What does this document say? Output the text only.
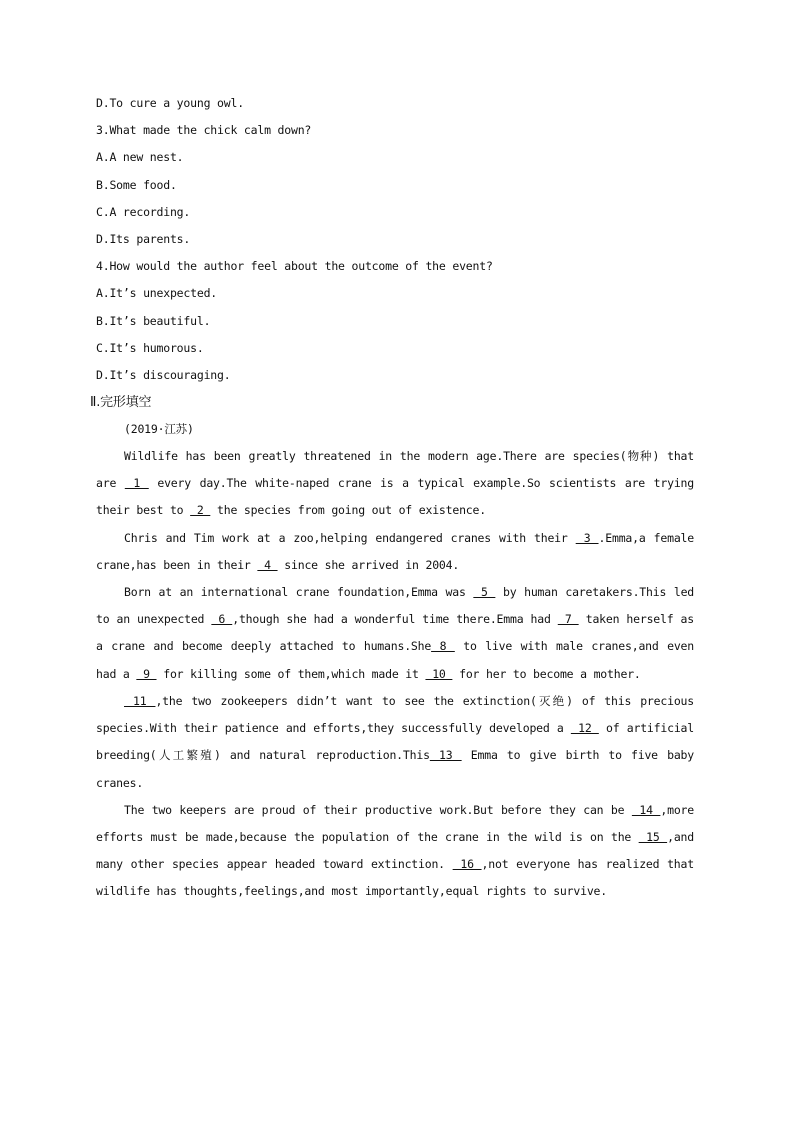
D.To cure a young owl.
3.What made the chick calm down?
A.A new nest.
B.Some food.
C.A recording.
D.Its parents.
4.How would the author feel about the outcome of the event?
A.It’s unexpected.
B.It’s beautiful.
C.It’s humorous.
D.It’s discouraging.
Ⅱ.完形填空
(2019·江苏)

Wildlife has been greatly threatened in the modern age.There are species(物种) that are  1  every day.The white-naped crane is a typical example.So scientists are trying their best to  2  the species from going out of existence.

Chris and Tim work at a zoo,helping endangered cranes with their  3 .Emma,a female crane,has been in their  4  since she arrived in 2004.

Born at an international crane foundation,Emma was  5  by human caretakers.This led to an unexpected  6 ,though she had a wonderful time there.Emma had  7  taken herself as a crane and become deeply attached to humans.She 8  to live with male cranes,and even had a  9  for killing some of them,which made it  10  for her to become a mother.

11 ,the two zookeepers didn’t want to see the extinction(灭绝) of this precious species.With their patience and efforts,they successfully developed a  12  of artificial breeding(人工繁殖) and natural reproduction.This 13  Emma to give birth to five baby cranes.

The two keepers are proud of their productive work.But before they can be  14 ,more efforts must be made,because the population of the crane in the wild is on the  15 ,and many other species appear headed toward extinction.  16 ,not everyone has realized that wildlife has thoughts,feelings,and most importantly,equal rights to survive.
